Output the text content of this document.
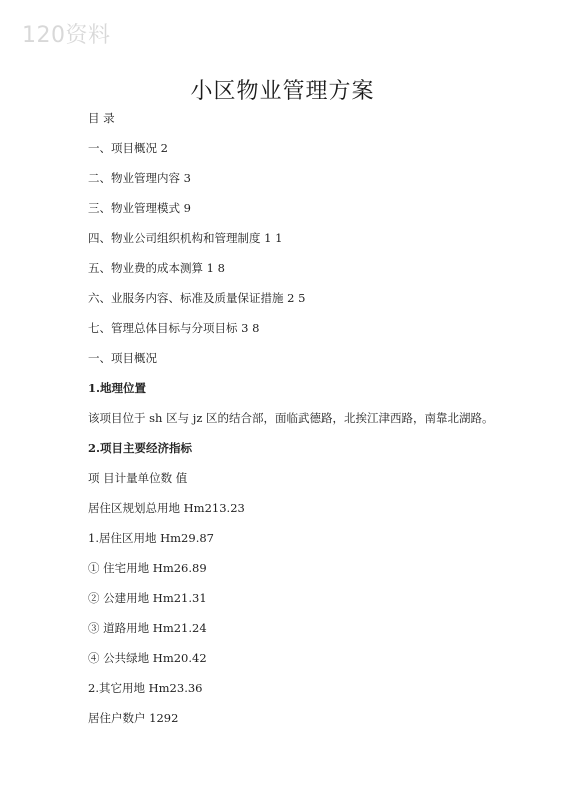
120资料
小区物业管理方案
目 录
一、项目概况 2
二、物业管理内容 3
三、物业管理模式 9
四、物业公司组织机构和管理制度 1 1
五、物业费的成本测算 1 8
六、业服务内容、标准及质量保证措施 2 5
七、管理总体目标与分项目标 3 8
一、项目概况
1.地理位置
该项目位于 sh 区与 jz 区的结合部，面临武德路，北挨江津西路，南靠北湖路。
2.项目主要经济指标
项 目计量单位数 值
居住区规划总用地 Hm213.23
1.居住区用地 Hm29.87
① 住宅用地 Hm26.89
② 公建用地 Hm21.31
③ 道路用地 Hm21.24
④ 公共绿地 Hm20.42
2.其它用地 Hm23.36
居住户数户 1292
